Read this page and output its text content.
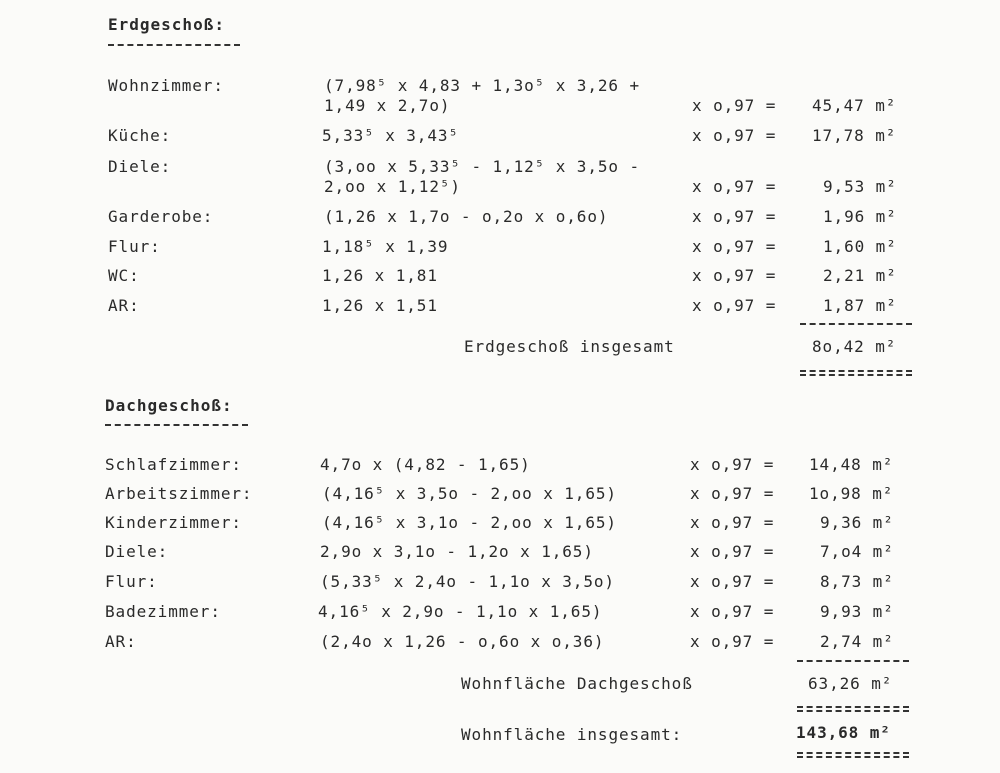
Erdgeschoß:
Wohnzimmer:	(7,98⁵ x 4,83 + 1,3o⁵ x 3,26 +
1,49 x 2,7o)	x o,97 = 45,47 m²
Küche:	5,33⁵ x 3,43⁵	x o,97 = 17,78 m²
Diele:	(3,oo x 5,33⁵ - 1,12⁵ x 3,5o -
2,oo x 1,12⁵)	x o,97 =	9,53 m²
Garderobe:	(1,26 x 1,7o - o,2o x o,6o)	x o,97 =	1,96 m²
Flur:	1,18⁵ x 1,39	x o,97 =	1,60 m²
WC:	1,26 x 1,81	x o,97 =	2,21 m²
AR:	1,26 x 1,51	x o,97 =	1,87 m²
Erdgeschoß insgesamt	8o,42 m²
Dachgeschoß:
Schlafzimmer:	4,7o x (4,82 - 1,65)	x o,97 = 14,48 m²
Arbeitszimmer:	(4,16⁵ x 3,5o - 2,oo x 1,65)	x o,97 = 1o,98 m²
Kinderzimmer:	(4,16⁵ x 3,1o - 2,oo x 1,65)	x o,97 =	9,36 m²
Diele:	2,9o x 3,1o - 1,2o x 1,65)	x o,97 =	7,o4 m²
Flur:	(5,33⁵ x 2,4o - 1,1o x 3,5o)	x o,97 =	8,73 m²
Badezimmer:	4,16⁵ x 2,9o - 1,1o x 1,65)	x o,97 =	9,93 m²
AR:	(2,4o x 1,26 - o,6o x o,36)	x o,97 =	2,74 m²
Wohnfläche Dachgeschoß	63,26 m²
Wohnfläche insgesamt:	143,68 m²
